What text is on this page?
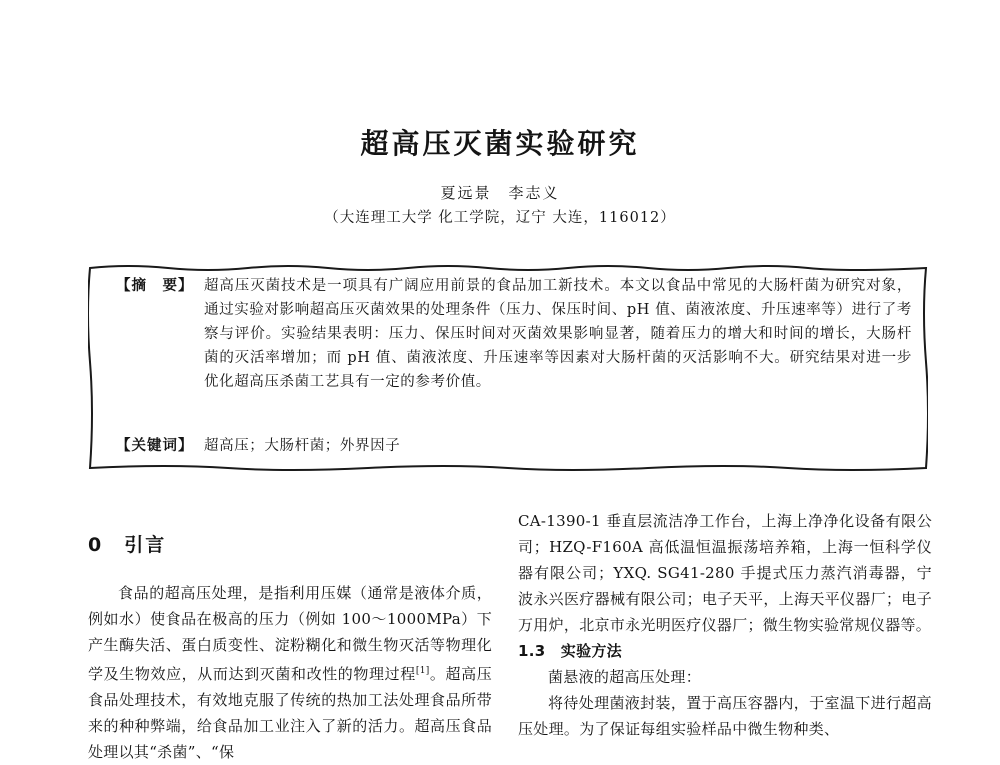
超高压灭菌实验研究
夏远景　李志义
（大连理工大学 化工学院，辽宁 大连，116012）
【摘　要】 超高压灭菌技术是一项具有广阔应用前景的食品加工新技术。本文以食品中常见的大肠杆菌为研究对象，通过实验对影响超高压灭菌效果的处理条件（压力、保压时间、pH 值、菌液浓度、升压速率等）进行了考察与评价。实验结果表明：压力、保压时间对灭菌效果影响显著，随着压力的增大和时间的增长，大肠杆菌的灭活率增加；而 pH 值、菌液浓度、升压速率等因素对大肠杆菌的灭活影响不大。研究结果对进一步优化超高压杀菌工艺具有一定的参考价值。
【关键词】 超高压；大肠杆菌；外界因子
0　引言

食品的超高压处理，是指利用压媒（通常是液体介质，例如水）使食品在极高的压力（例如 100～1000MPa）下产生酶失活、蛋白质变性、淀粉糊化和微生物灭活等物理化学及生物效应，从而达到灭菌和改性的物理过程[1]。超高压食品处理技术，有效地克服了传统的热加工法处理食品所带来的种种弊端，给食品加工业注入了新的活力。超高压食品处理以其“杀菌”、“保

CA-1390-1 垂直层流洁净工作台，上海上净净化设备有限公司；HZQ-F160A 高低温恒温振荡培养箱，上海一恒科学仪器有限公司；YXQ. SG41-280 手提式压力蒸汽消毒器，宁波永兴医疗器械有限公司；电子天平，上海天平仪器厂；电子万用炉，北京市永光明医疗仪器厂；微生物实验常规仪器等。

1.3　实验方法

菌悬液的超高压处理：

将待处理菌液封装，置于高压容器内，于室温下进行超高压处理。为了保证每组实验样品中微生物种类、
